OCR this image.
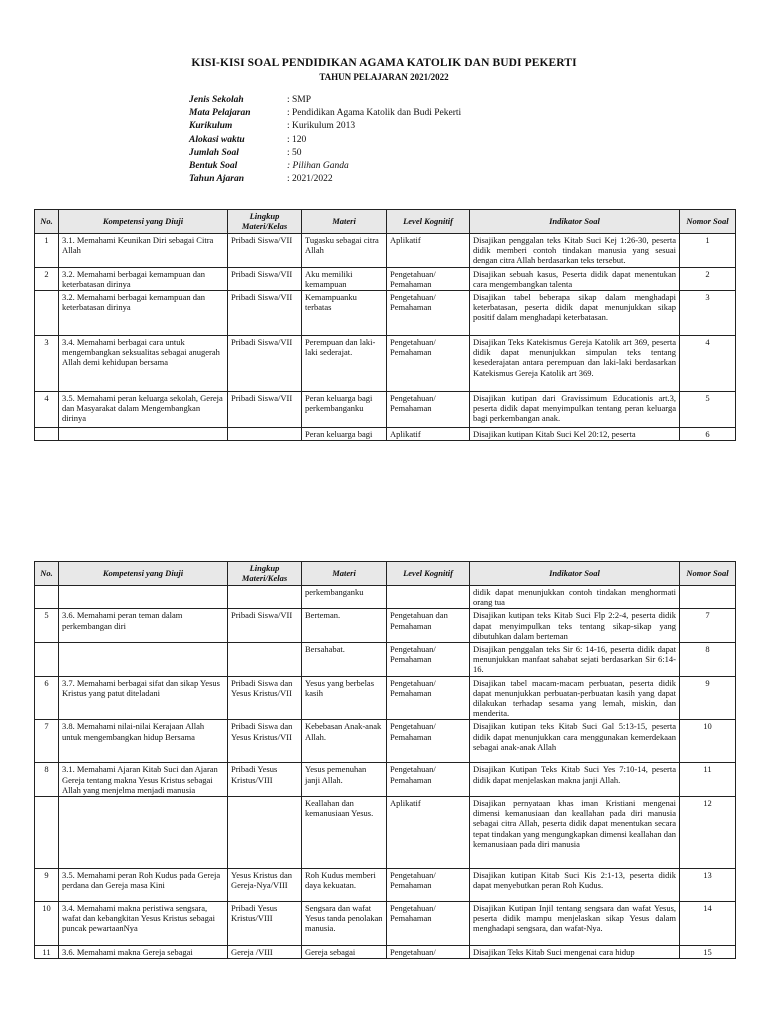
KISI-KISI SOAL PENDIDIKAN AGAMA KATOLIK DAN BUDI PEKERTI
TAHUN PELAJARAN 2021/2022
Jenis Sekolah	: SMP
Mata Pelajaran	: Pendidikan Agama Katolik dan Budi Pekerti
Kurikulum	: Kurikulum 2013
Alokasi waktu	: 120
Jumlah Soal	: 50
Bentuk Soal	: Pilihan Ganda
Tahun Ajaran	: 2021/2022
No.	Kompetensi yang Diuji	Lingkup Materi/Kelas	Materi	Level Kognitif	Indikator Soal	Nomor Soal
1	3.1. Memahami Keunikan Diri sebagai Citra Allah	Pribadi Siswa/VII	Tugasku sebagai citra Allah	Aplikatif	Disajikan penggalan teks Kitab Suci Kej 1:26-30, peserta didik memberi contoh tindakan manusia yang sesuai dengan citra Allah berdasarkan teks tersebut.	1
2	3.2. Memahami berbagai kemampuan dan keterbatasan dirinya	Pribadi Siswa/VII	Aku memiliki kemampuan	Pengetahuan/ Pemahaman	Disajikan sebuah kasus, Peserta didik dapat menentukan cara mengembangkan talenta	2
	3.2. Memahami berbagai kemampuan dan keterbatasan dirinya	Pribadi Siswa/VII	Kemampuanku terbatas	Pengetahuan/ Pemahaman	Disajikan tabel beberapa sikap dalam menghadapi keterbatasan, peserta didik dapat menunjukkan sikap positif dalam menghadapi keterbatasan.	3
3	3.4. Memahami berbagai cara untuk mengembangkan seksualitas sebagai anugerah Allah demi kehidupan bersama	Pribadi Siswa/VII	Perempuan dan laki-laki sederajat.	Pengetahuan/ Pemahaman	Disajikan Teks Katekismus Gereja Katolik art 369, peserta didik dapat menunjukkan simpulan teks tentang kesederajatan antara perempuan dan laki-laki berdasarkan Katekismus Gereja Katolik art 369.	4
4	3.5. Memahami peran keluarga sekolah, Gereja dan Masyarakat dalam Mengembangkan dirinya	Pribadi Siswa/VII	Peran keluarga bagi perkembanganku	Pengetahuan/ Pemahaman	Disajikan kutipan dari Gravissimum Educationis art.3, peserta didik dapat menyimpulkan tentang peran keluarga bagi perkembangan anak.	5
			Peran keluarga bagi	Aplikatif	Disajikan kutipan Kitab Suci Kel 20:12, peserta	6
No.	Kompetensi yang Diuji	Lingkup Materi/Kelas	Materi	Level Kognitif	Indikator Soal	Nomor Soal
			perkembanganku		didik dapat menunjukkan contoh tindakan menghormati orang tua	
5	3.6. Memahami peran teman dalam perkembangan diri	Pribadi Siswa/VII	Berteman.	Pengetahuan dan Pemahaman	Disajikan kutipan teks Kitab Suci Flp 2:2-4, peserta didik dapat menyimpulkan teks tentang sikap-sikap yang dibutuhkan dalam berteman	7
			Bersahabat.	Pengetahuan/ Pemahaman	Disajikan penggalan teks Sir 6: 14-16, peserta didik dapat menunjukkan manfaat sahabat sejati berdasarkan Sir 6:14-16.	8
6	3.7. Memahami berbagai sifat dan sikap Yesus Kristus yang patut diteladani	Pribadi Siswa dan Yesus Kristus/VII	Yesus yang berbelas kasih	Pengetahuan/ Pemahaman	Disajikan tabel macam-macam perbuatan, peserta didik dapat menunjukkan perbuatan-perbuatan kasih yang dapat dilakukan terhadap sesama yang lemah, miskin, dan menderita.	9
7	3.8. Memahami nilai-nilai Kerajaan Allah untuk mengembangkan hidup Bersama	Pribadi Siswa dan Yesus Kristus/VII	Kebebasan Anak-anak Allah.	Pengetahuan/ Pemahaman	Disajikan kutipan teks Kitab Suci Gal 5:13-15, peserta didik dapat menunjukkan cara menggunakan kemerdekaan sebagai anak-anak Allah	10
8	3.1. Memahami Ajaran Kitab Suci dan Ajaran Gereja tentang makna Yesus Kristus sebagai Allah yang menjelma menjadi manusia	Pribadi Yesus Kristus/VIII	Yesus pemenuhan janji Allah.	Pengetahuan/ Pemahaman	Disajikan Kutipan Teks Kitab Suci Yes 7:10-14, peserta didik dapat menjelaskan makna janji Allah.	11
			Keallahan dan kemanusiaan Yesus.	Aplikatif	Disajikan pernyataan khas iman Kristiani mengenai dimensi kemanusiaan dan keallahan pada diri manusia sebagai citra Allah, peserta didik dapat menentukan secara tepat tindakan yang mengungkapkan dimensi keallahan dan kemanusiaan pada diri manusia	12
9	3.5. Memahami peran Roh Kudus pada Gereja perdana dan Gereja masa Kini	Yesus Kristus dan Gereja-Nya/VIII	Roh Kudus memberi daya kekuatan.	Pengetahuan/ Pemahaman	Disajikan kutipan Kitab Suci Kis 2:1-13, peserta didik dapat menyebutkan peran Roh Kudus.	13
10	3.4. Memahami makna peristiwa sengsara, wafat dan kebangkitan Yesus Kristus sebagai puncak pewartaanNya	Pribadi Yesus Kristus/VIII	Sengsara dan wafat Yesus tanda penolakan manusia.	Pengetahuan/ Pemahaman	Disajikan Kutipan Injil tentang sengsara dan wafat Yesus, peserta didik mampu menjelaskan sikap Yesus dalam menghadapi sengsara, dan wafat-Nya.	14
11	3.6. Memahami makna Gereja sebagai	Gereja /VIII	Gereja sebagai	Pengetahuan/	Disajikan Teks Kitab Suci mengenai cara hidup	15
